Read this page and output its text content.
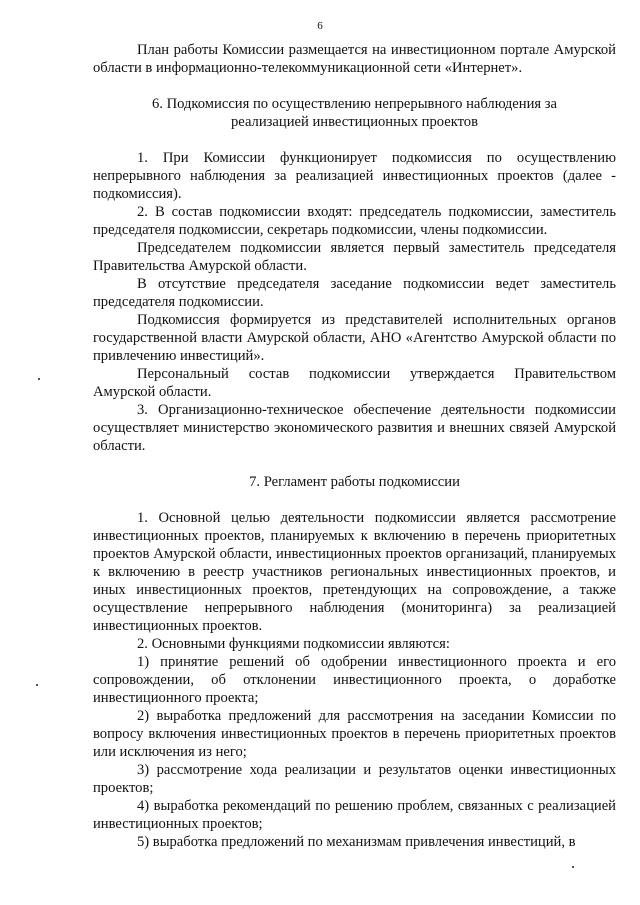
6

План работы Комиссии размещается на инвестиционном портале Амурской области в информационно-телекоммуникационной сети «Интернет».

6. Подкомиссия по осуществлению непрерывного наблюдения за

реализацией инвестиционных проектов

1. При Комиссии функционирует подкомиссия по осуществлению непрерывного наблюдения за реализацией инвестиционных проектов (далее - подкомиссия).

2. В состав подкомиссии входят: председатель подкомиссии, заместитель председателя подкомиссии, секретарь подкомиссии, члены подкомиссии.

Председателем подкомиссии является первый заместитель председателя Правительства Амурской области.

В отсутствие председателя заседание подкомиссии ведет заместитель председателя подкомиссии.

Подкомиссия формируется из представителей исполнительных органов государственной власти Амурской области, АНО «Агентство Амурской области по привлечению инвестиций».

Персональный состав подкомиссии утверждается Правительством Амурской области.

3. Организационно-техническое обеспечение деятельности подкомиссии осуществляет министерство экономического развития и внешних связей Амурской области.

7. Регламент работы подкомиссии

1. Основной целью деятельности подкомиссии является рассмотрение инвестиционных проектов, планируемых к включению в перечень приоритетных проектов Амурской области, инвестиционных проектов организаций, планируемых к включению в реестр участников региональных инвестиционных проектов, и иных инвестиционных проектов, претендующих на сопровождение, а также осуществление непрерывного наблюдения (мониторинга) за реализацией инвестиционных проектов.

2. Основными функциями подкомиссии являются:

1) принятие решений об одобрении инвестиционного проекта и его сопровождении, об отклонении инвестиционного проекта, о доработке инвестиционного проекта;

2) выработка предложений для рассмотрения на заседании Комиссии по вопросу включения инвестиционных проектов в перечень приоритетных проектов или исключения из него;

3) рассмотрение хода реализации и результатов оценки инвестиционных проектов;

4) выработка рекомендаций по решению проблем, связанных с реализацией инвестиционных проектов;

5) выработка предложений по механизмам привлечения инвестиций, в
